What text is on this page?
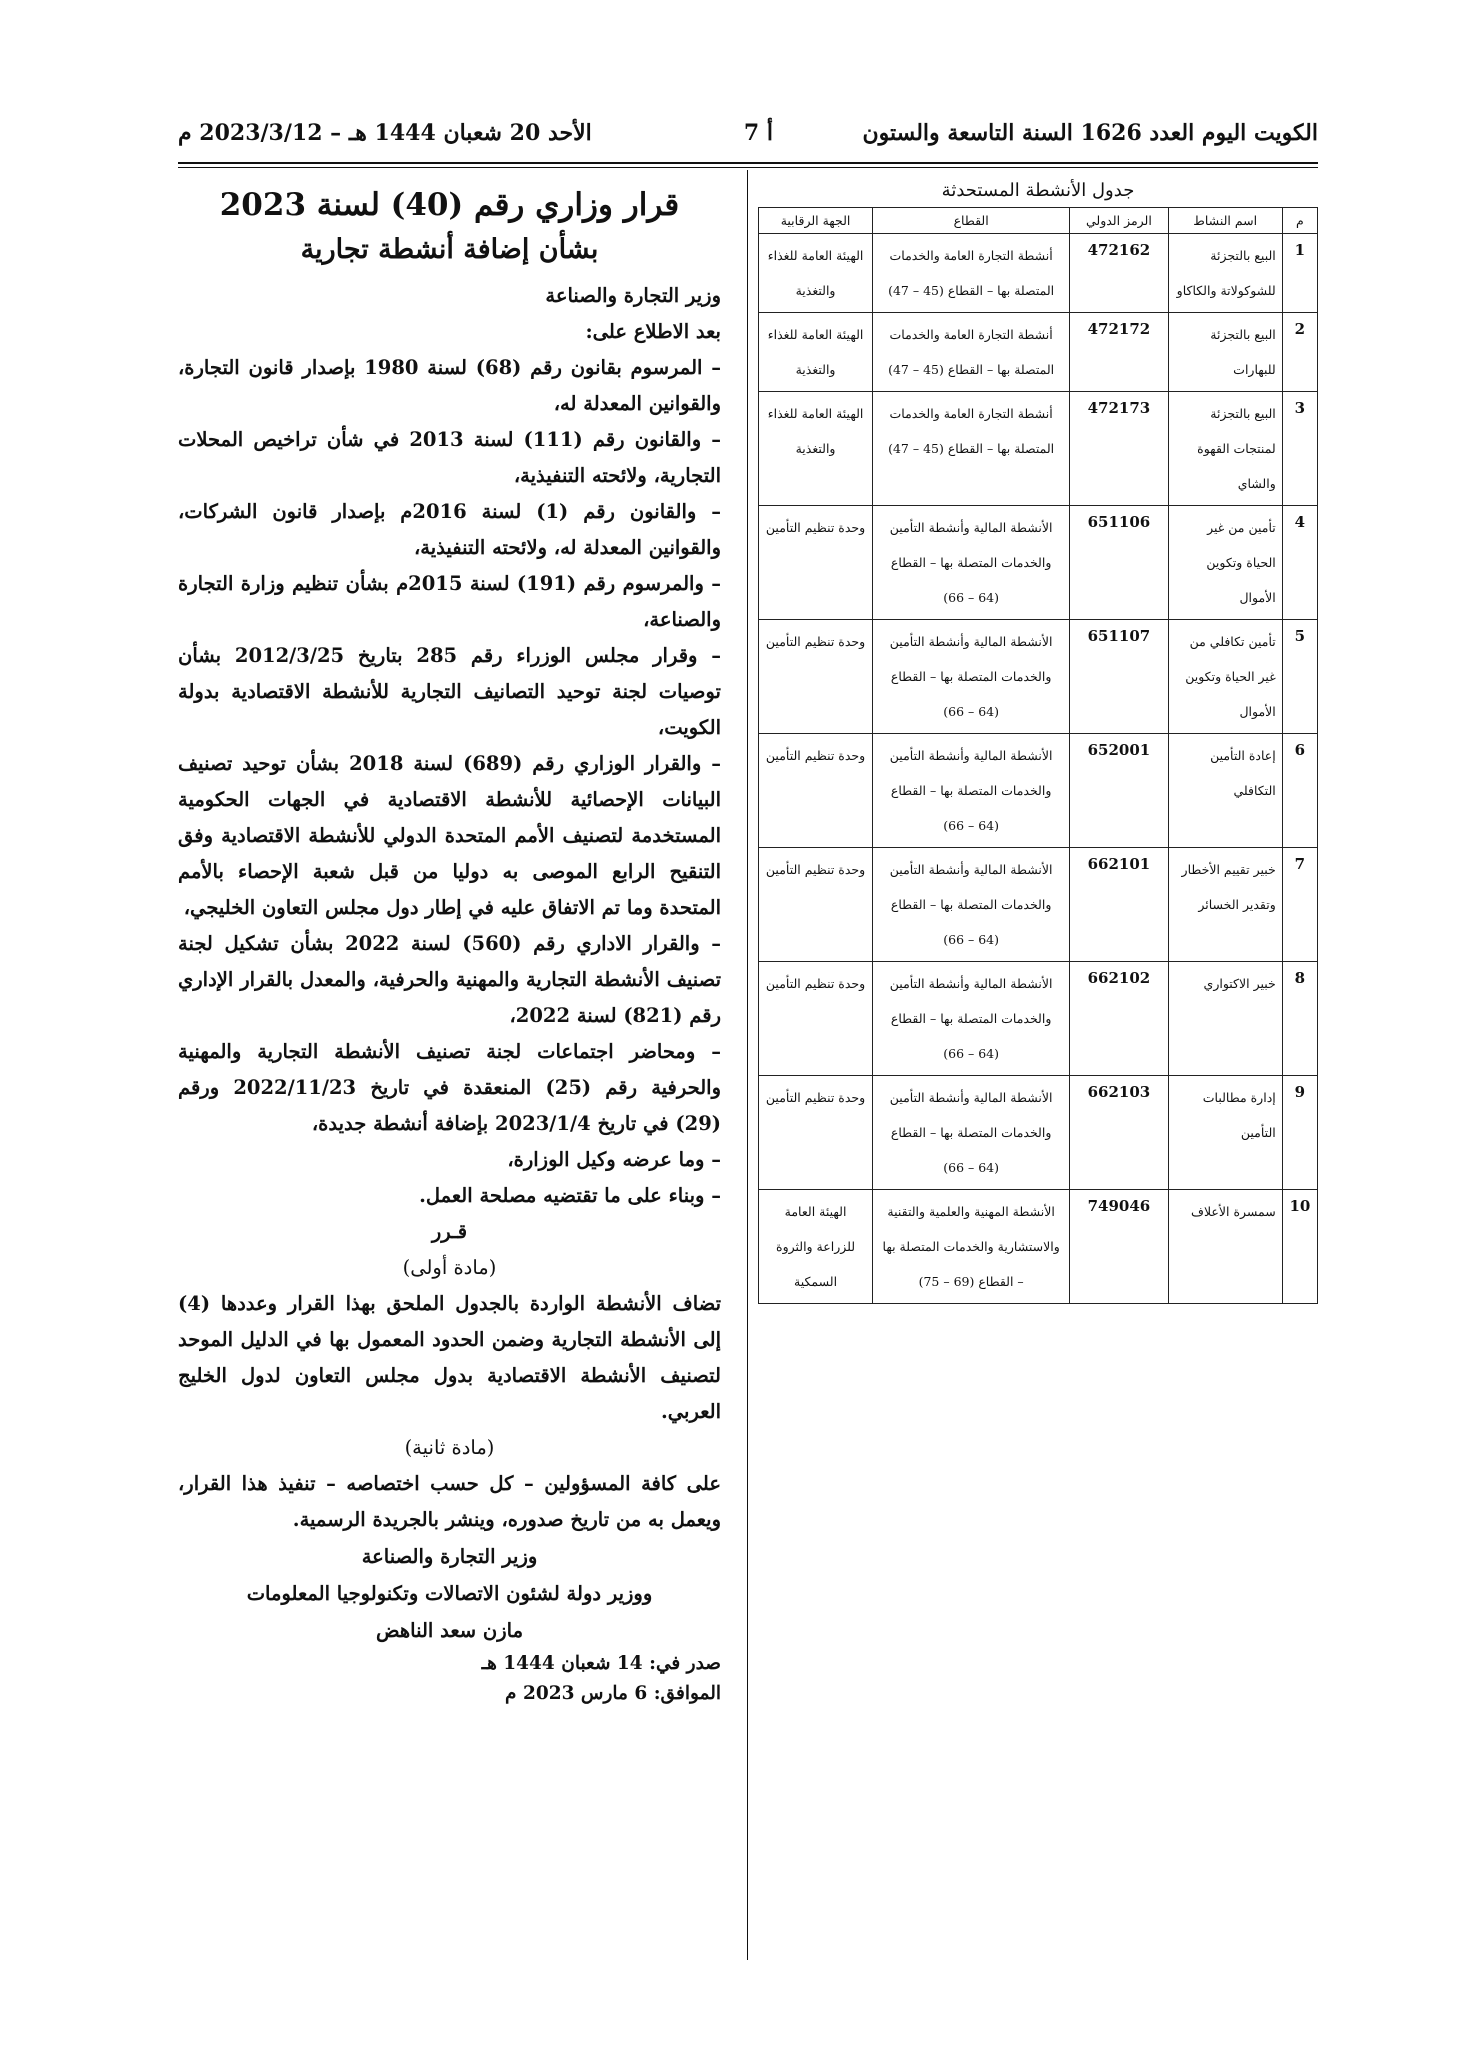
الكويت اليوم العدد 1626 السنة التاسعة والستون
أ 7
الأحد 20 شعبان 1444 هـ – 2023/3/12 م
جدول الأنشطة المستحدثة
م	اسم النشاط	الرمز الدولي	القطاع	الجهة الرقابية
1	البيع بالتجزئة للشوكولاتة والكاكاو	472162	أنشطة التجارة العامة والخدمات المتصلة بها – القطاع (45 – 47)	الهيئة العامة للغذاء والتغذية
2	البيع بالتجزئة للبهارات	472172	أنشطة التجارة العامة والخدمات المتصلة بها – القطاع (45 – 47)	الهيئة العامة للغذاء والتغذية
3	البيع بالتجزئة لمنتجات القهوة والشاي	472173	أنشطة التجارة العامة والخدمات المتصلة بها – القطاع (45 – 47)	الهيئة العامة للغذاء والتغذية
4	تأمين من غير الحياة وتكوين الأموال	651106	الأنشطة المالية وأنشطة التأمين والخدمات المتصلة بها – القطاع (64 – 66)	وحدة تنظيم التأمين
5	تأمين تكافلي من غير الحياة وتكوين الأموال	651107	الأنشطة المالية وأنشطة التأمين والخدمات المتصلة بها – القطاع (64 – 66)	وحدة تنظيم التأمين
6	إعادة التأمين التكافلي	652001	الأنشطة المالية وأنشطة التأمين والخدمات المتصلة بها – القطاع (64 – 66)	وحدة تنظيم التأمين
7	خبير تقييم الأخطار وتقدير الخسائر	662101	الأنشطة المالية وأنشطة التأمين والخدمات المتصلة بها – القطاع (64 – 66)	وحدة تنظيم التأمين
8	خبير الاكتواري	662102	الأنشطة المالية وأنشطة التأمين والخدمات المتصلة بها – القطاع (64 – 66)	وحدة تنظيم التأمين
9	إدارة مطالبات التأمين	662103	الأنشطة المالية وأنشطة التأمين والخدمات المتصلة بها – القطاع (64 – 66)	وحدة تنظيم التأمين
10	سمسرة الأعلاف	749046	الأنشطة المهنية والعلمية والتقنية والاستشارية والخدمات المتصلة بها – القطاع (69 – 75)	الهيئة العامة للزراعة والثروة السمكية
قرار وزاري رقم (40) لسنة 2023
بشأن إضافة أنشطة تجارية
وزير التجارة والصناعة
بعد الاطلاع على:
– المرسوم بقانون رقم (68) لسنة 1980 بإصدار قانون التجارة، والقوانين المعدلة له،
– والقانون رقم (111) لسنة 2013 في شأن تراخيص المحلات التجارية، ولائحته التنفيذية،
– والقانون رقم (1) لسنة 2016م بإصدار قانون الشركات، والقوانين المعدلة له، ولائحته التنفيذية،
– والمرسوم رقم (191) لسنة 2015م بشأن تنظيم وزارة التجارة والصناعة،
– وقرار مجلس الوزراء رقم 285 بتاريخ 2012/3/25 بشأن توصيات لجنة توحيد التصانيف التجارية للأنشطة الاقتصادية بدولة الكويت،
– والقرار الوزاري رقم (689) لسنة 2018 بشأن توحيد تصنيف البيانات الإحصائية للأنشطة الاقتصادية في الجهات الحكومية المستخدمة لتصنيف الأمم المتحدة الدولي للأنشطة الاقتصادية وفق التنقيح الرابع الموصى به دوليا من قبل شعبة الإحصاء بالأمم المتحدة وما تم الاتفاق عليه في إطار دول مجلس التعاون الخليجي،
– والقرار الاداري رقم (560) لسنة 2022 بشأن تشكيل لجنة تصنيف الأنشطة التجارية والمهنية والحرفية، والمعدل بالقرار الإداري رقم (821) لسنة 2022،
– ومحاضر اجتماعات لجنة تصنيف الأنشطة التجارية والمهنية والحرفية رقم (25) المنعقدة في تاريخ 2022/11/23 ورقم (29) في تاريخ 2023/1/4 بإضافة أنشطة جديدة،
– وما عرضه وكيل الوزارة،
– وبناء على ما تقتضيه مصلحة العمل.
قـرر
(مادة أولى)
تضاف الأنشطة الواردة بالجدول الملحق بهذا القرار وعددها (4) إلى الأنشطة التجارية وضمن الحدود المعمول بها في الدليل الموحد لتصنيف الأنشطة الاقتصادية بدول مجلس التعاون لدول الخليج العربي.
(مادة ثانية)
على كافة المسؤولين – كل حسب اختصاصه – تنفيذ هذا القرار، ويعمل به من تاريخ صدوره، وينشر بالجريدة الرسمية.
وزير التجارة والصناعة
ووزير دولة لشئون الاتصالات وتكنولوجيا المعلومات
مازن سعد الناهض
صدر في: 14 شعبان 1444 هـ
الموافق: 6 مارس 2023 م
